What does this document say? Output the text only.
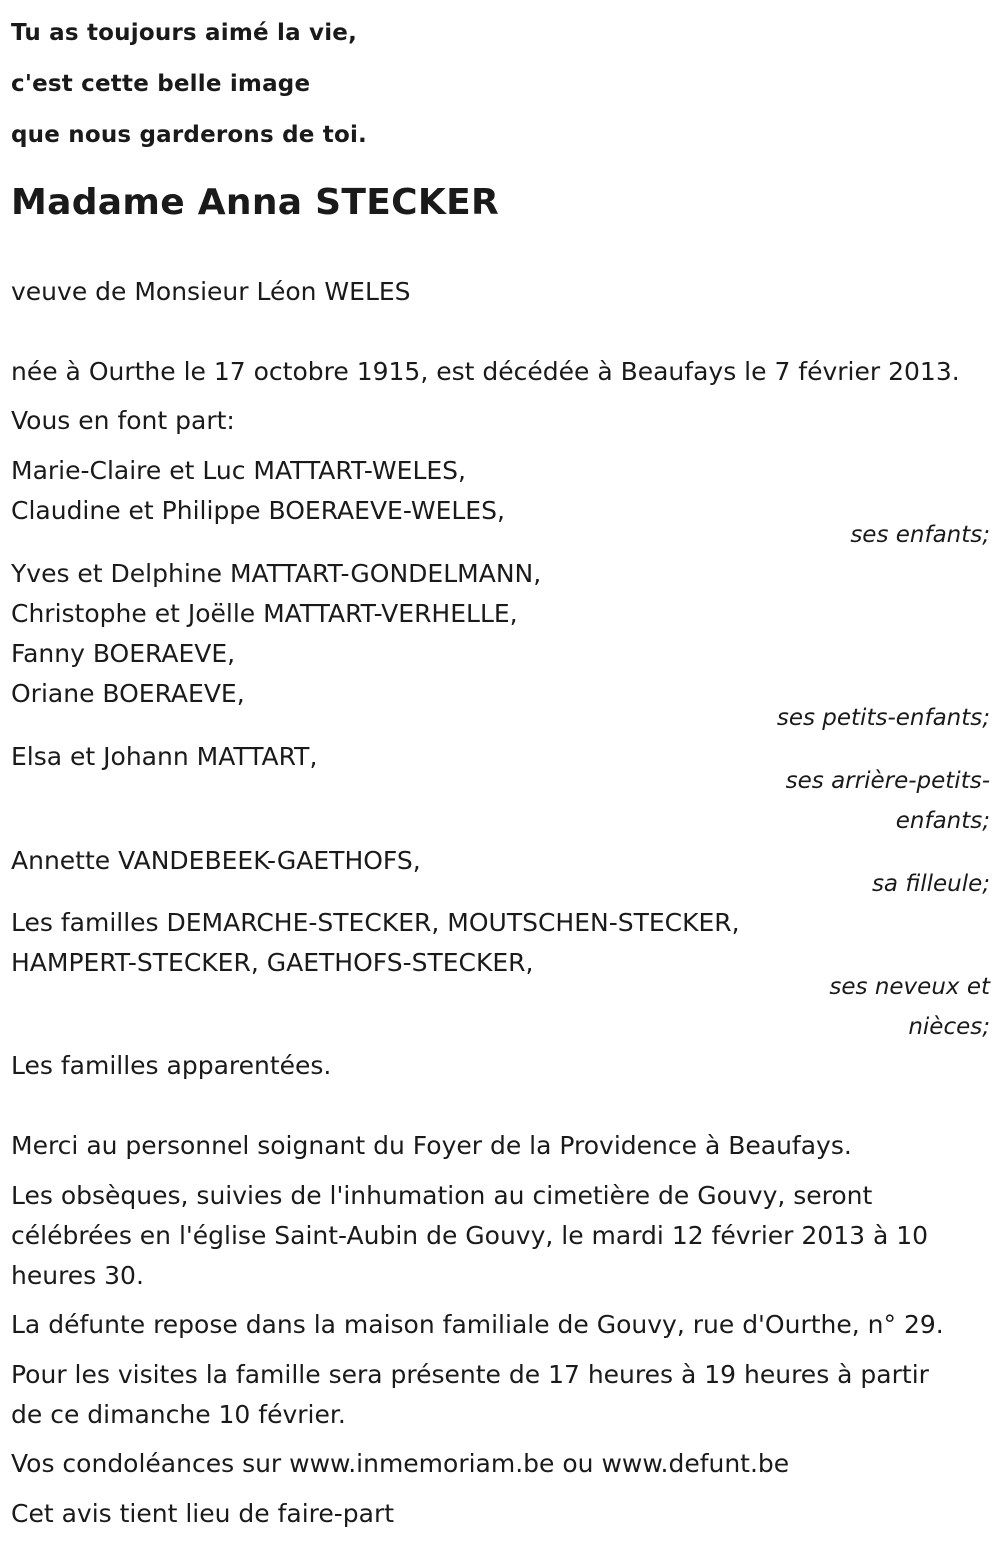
Tu as toujours aimé la vie,
c'est cette belle image
que nous garderons de toi.
Madame Anna STECKER
veuve de Monsieur Léon WELES
née à Ourthe le 17 octobre 1915, est décédée à Beaufays le 7 février 2013.
Vous en font part:
Marie-Claire et Luc MATTART-WELES,
Claudine et Philippe BOERAEVE-WELES,
ses enfants;
Yves et Delphine MATTART-GONDELMANN,
Christophe et Joëlle MATTART-VERHELLE,
Fanny BOERAEVE,
Oriane BOERAEVE,
ses petits-enfants;
Elsa et Johann MATTART,
ses arrière-petits-
enfants;
Annette VANDEBEEK-GAETHOFS,
sa filleule;
Les familles DEMARCHE-STECKER, MOUTSCHEN-STECKER,
HAMPERT-STECKER, GAETHOFS-STECKER,
ses neveux et
nièces;
Les familles apparentées.
Merci au personnel soignant du Foyer de la Providence à Beaufays.
Les obsèques, suivies de l'inhumation au cimetière de Gouvy, seront
célébrées en l'église Saint-Aubin de Gouvy, le mardi 12 février 2013 à 10
heures 30.
La défunte repose dans la maison familiale de Gouvy, rue d'Ourthe, n° 29.
Pour les visites la famille sera présente de 17 heures à 19 heures à partir
de ce dimanche 10 février.
Vos condoléances sur www.inmemoriam.be ou www.defunt.be
Cet avis tient lieu de faire-part
